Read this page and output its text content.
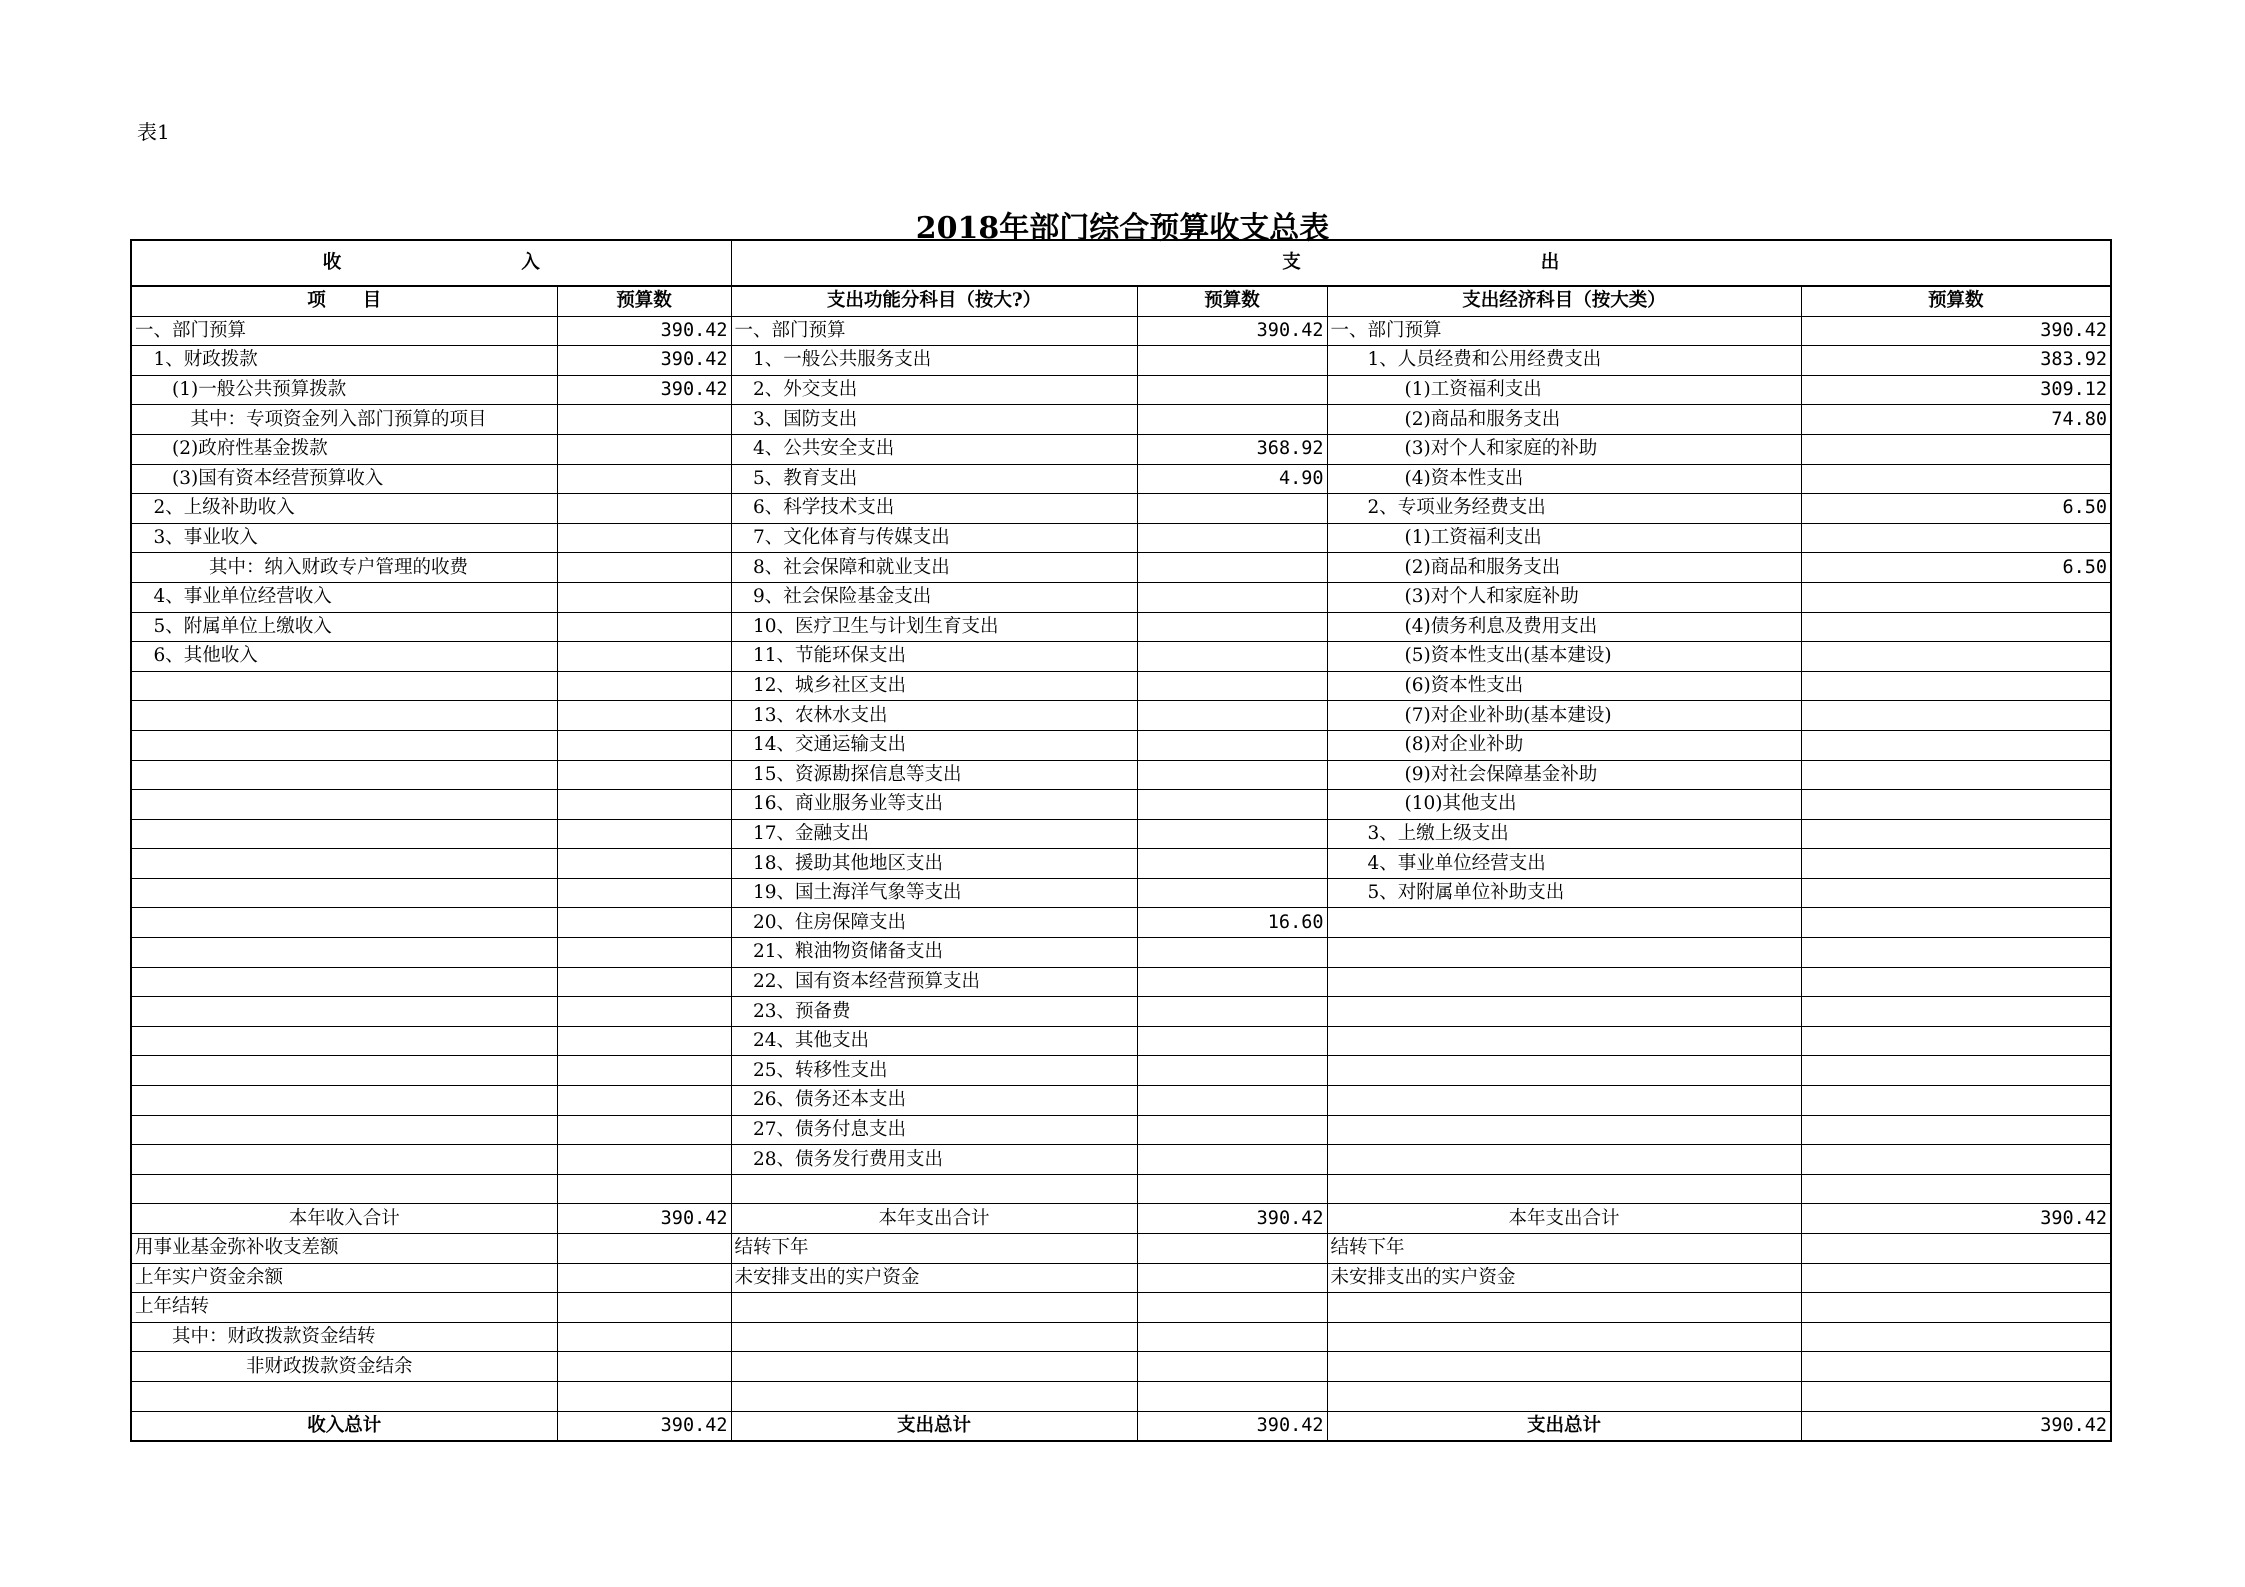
表1
2018年部门综合预算收支总表
收 入		支 出			
项　　目	预算数	支出功能分科目（按大?）	预算数	支出经济科目（按大类）	预算数
一、部门预算	390.42	一、部门预算	390.42	一、部门预算	390.42
　1、财政拨款	390.42	　1、一般公共服务支出		　　1、人员经费和公用经费支出	383.92
　　(1)一般公共预算拨款	390.42	　2、外交支出		　　　　(1)工资福利支出	309.12
　　　其中：专项资金列入部门预算的项目		　3、国防支出		　　　　(2)商品和服务支出	74.80
　　(2)政府性基金拨款		　4、公共安全支出	368.92	　　　　(3)对个人和家庭的补助	
　　(3)国有资本经营预算收入		　5、教育支出	4.90	　　　　(4)资本性支出	
　2、上级补助收入		　6、科学技术支出		　　2、专项业务经费支出	6.50
　3、事业收入		　7、文化体育与传媒支出		　　　　(1)工资福利支出	
　　　　其中：纳入财政专户管理的收费		　8、社会保障和就业支出		　　　　(2)商品和服务支出	6.50
　4、事业单位经营收入		　9、社会保险基金支出		　　　　(3)对个人和家庭补助	
　5、附属单位上缴收入		　10、医疗卫生与计划生育支出		　　　　(4)债务利息及费用支出	
　6、其他收入		　11、节能环保支出		　　　　(5)资本性支出(基本建设)	
		　12、城乡社区支出		　　　　(6)资本性支出	
		　13、农林水支出		　　　　(7)对企业补助(基本建设)	
		　14、交通运输支出		　　　　(8)对企业补助	
		　15、资源勘探信息等支出		　　　　(9)对社会保障基金补助	
		　16、商业服务业等支出		　　　　(10)其他支出	
		　17、金融支出		　　3、上缴上级支出	
		　18、援助其他地区支出		　　4、事业单位经营支出	
		　19、国土海洋气象等支出		　　5、对附属单位补助支出	
		　20、住房保障支出	16.60		
		　21、粮油物资储备支出			
		　22、国有资本经营预算支出			
		　23、预备费			
		　24、其他支出			
		　25、转移性支出			
		　26、债务还本支出			
		　27、债务付息支出			
		　28、债务发行费用支出			

本年收入合计	390.42	本年支出合计	390.42	本年支出合计	390.42
用事业基金弥补收支差额		结转下年		结转下年	
上年实户资金余额		未安排支出的实户资金		未安排支出的实户资金	
上年结转					
　　其中：财政拨款资金结转					
　　　　　　非财政拨款资金结余					

收入总计	390.42	支出总计	390.42	支出总计	390.42
